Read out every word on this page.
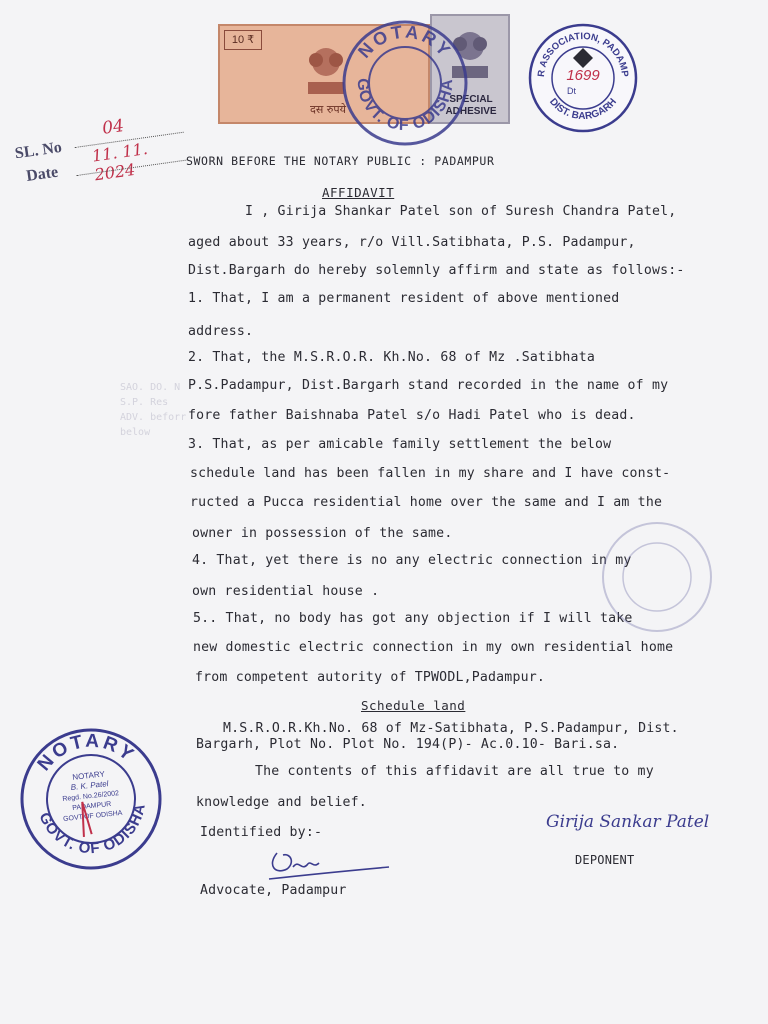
SL. No
04
Date
11. 11. 2024
10 ₹
दस रुपये
SPECIAL ADHESIVE
NOTARY
GOVT. OF ODISHA
R ASSOCIATION, PADAMP
DIST. BARGARH
1699
Dt
SWORN BEFORE THE NOTARY PUBLIC : PADAMPUR
AFFIDAVIT
SAO. DO. N
S.P. Res
ADV. beforr
below
I , Girija Shankar Patel son of Suresh Chandra Patel,
aged about 33 years, r/o Vill.Satibhata, P.S. Padampur,
Dist.Bargarh do hereby solemnly affirm and state as follows:-
1. That, I am a permanent resident of above mentioned
address.
2. That, the M.S.R.O.R. Kh.No. 68 of Mz .Satibhata
P.S.Padampur, Dist.Bargarh stand recorded in the name of my
fore father Baishnaba Patel s/o Hadi Patel who is dead.
3. That, as per amicable family settlement the below
schedule land has been fallen in my share and I have const-
ructed a Pucca residential home over the same and I am the
owner in possession of the same.
4. That, yet there is no any electric connection in my
own residential house .
5.. That, no body has got any objection if I will take
new domestic electric connection in my own residential home
from competent autority of TPWODL,Padampur.
Schedule land
M.S.R.O.R.Kh.No. 68 of Mz-Satibhata, P.S.Padampur, Dist.
Bargarh, Plot No. Plot No. 194(P)- Ac.0.10- Bari.sa.
The contents of this affidavit are all true to my
knowledge and belief.
NOTARY
GOVT. OF ODISHA
NOTARY
B. K. Patel
Regd. No.26/2002
PADAMPUR
GOVT.OF ODISHA
Identified by:-
Advocate, Padampur
Girija Sankar Patel
DEPONENT
